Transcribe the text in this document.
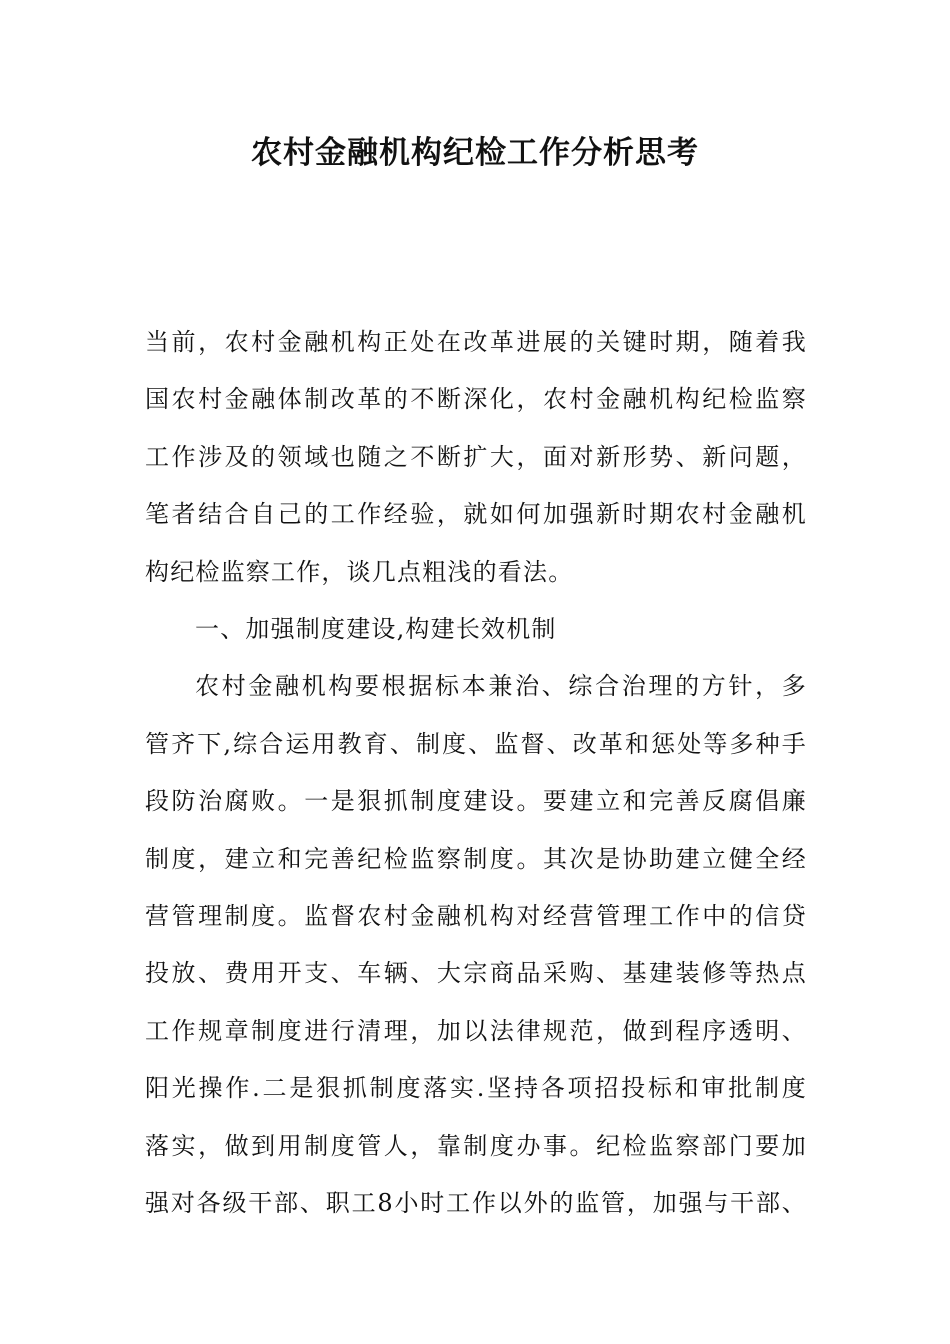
农村金融机构纪检工作分析思考

当前，农村金融机构正处在改革进展的关键时期，随着我
国农村金融体制改革的不断深化，农村金融机构纪检监察
工作涉及的领域也随之不断扩大，面对新形势、新问题，
笔者结合自己的工作经验，就如何加强新时期农村金融机
构纪检监察工作，谈几点粗浅的看法。

一、加强制度建设,构建长效机制

农村金融机构要根据标本兼治、综合治理的方针，多
管齐下,综合运用教育、制度、监督、改革和惩处等多种手
段防治腐败。一是狠抓制度建设。要建立和完善反腐倡廉
制度，建立和完善纪检监察制度。其次是协助建立健全经
营管理制度。监督农村金融机构对经营管理工作中的信贷
投放、费用开支、车辆、大宗商品采购、基建装修等热点
工作规章制度进行清理，加以法律规范，做到程序透明、
阳光操作.二是狠抓制度落实.坚持各项招投标和审批制度
落实，做到用制度管人，靠制度办事。纪检监察部门要加
强对各级干部、职工8小时工作以外的监管，加强与干部、
